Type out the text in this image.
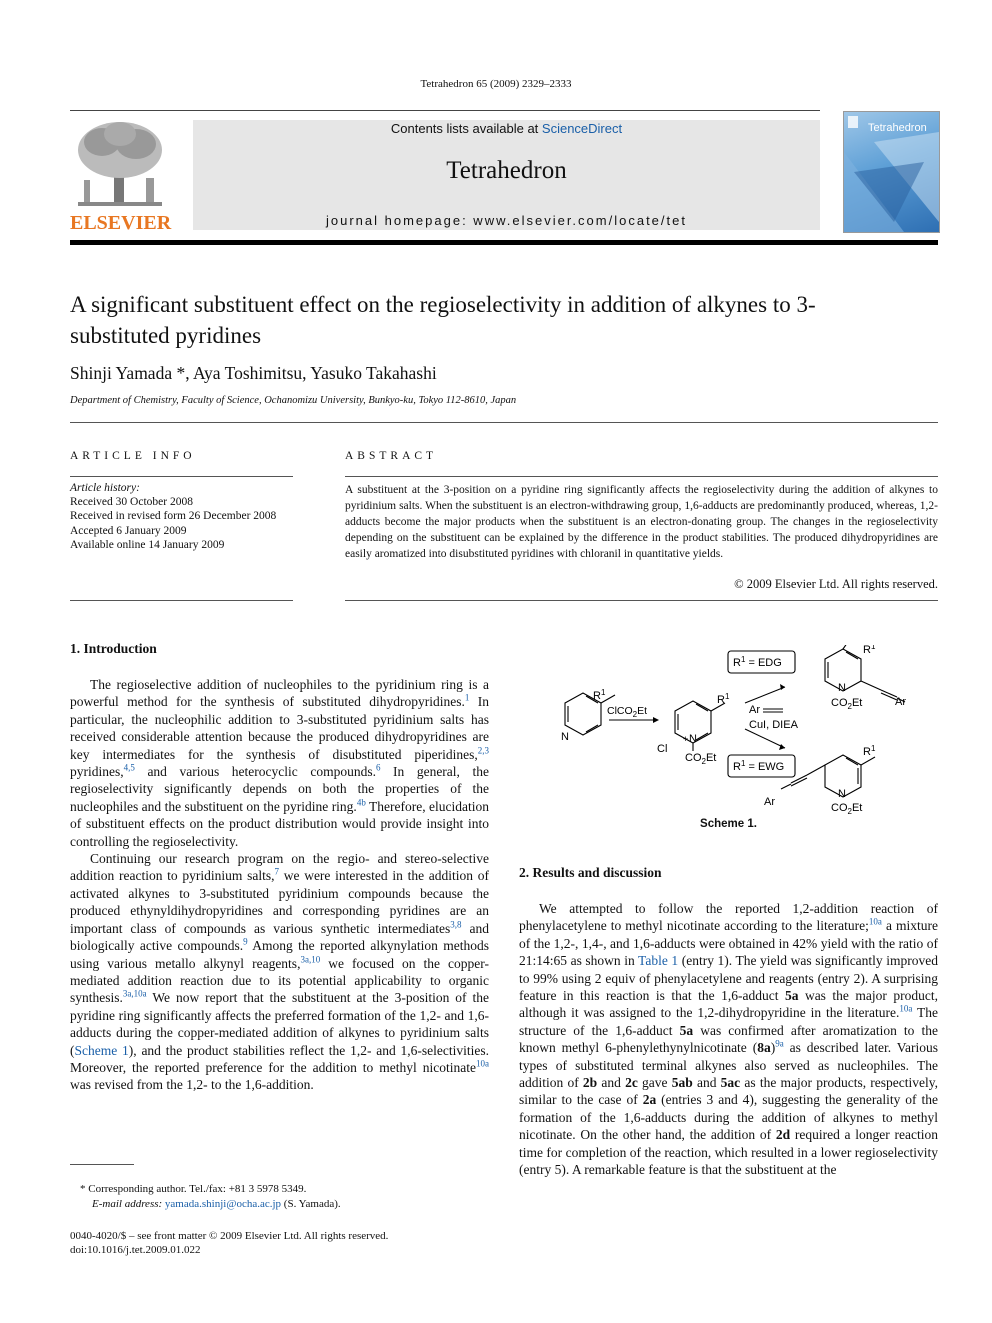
Tetrahedron 65 (2009) 2329–2333
ELSEVIER
Contents lists available at ScienceDirect
Tetrahedron
journal homepage: www.elsevier.com/locate/tet
Tetrahedron
A significant substituent effect on the regioselectivity in addition of alkynes to 3-substituted pyridines
Shinji Yamada *, Aya Toshimitsu, Yasuko Takahashi
Department of Chemistry, Faculty of Science, Ochanomizu University, Bunkyo-ku, Tokyo 112-8610, Japan
ARTICLE INFO
Article history:
Received 30 October 2008
Received in revised form 26 December 2008
Accepted 6 January 2009
Available online 14 January 2009
ABSTRACT
A substituent at the 3-position on a pyridine ring significantly affects the regioselectivity during the addition of alkynes to pyridinium salts. When the substituent is an electron-withdrawing group, 1,6-adducts are predominantly produced, whereas, 1,2-adducts become the major products when the substituent is an electron-donating group. The changes in the regioselectivity depending on the substituent can be explained by the difference in the product stabilities. The produced dihydropyridines are easily aromatized into disubstituted pyridines with chloranil in quantitative yields.
© 2009 Elsevier Ltd. All rights reserved.
1. Introduction

The regioselective addition of nucleophiles to the pyridinium ring is a powerful method for the synthesis of substituted dihydropyridines.$^1$ In particular, the nucleophilic addition to 3-substituted pyridinium salts has received considerable attention because the produced dihydropyridines are key intermediates for the synthesis of disubstituted piperidines,$^{2,3}$ pyridines,$^{4,5}$ and various heterocyclic compounds.$^6$ In general, the regioselectivity significantly depends on both the properties of the nucleophiles and the substituent on the pyridine ring.$^{4b}$ Therefore, elucidation of substituent effects on the product distribution would provide insight into controlling the regioselectivity.

Continuing our research program on the regio- and stereo-selective addition reaction to pyridinium salts,$^7$ we were interested in the addition of activated alkynes to 3-substituted pyridinium compounds because the produced ethynyldihydropyridines and corresponding pyridines are an important class of compounds as various synthetic intermediates$^{3,8}$ and biologically active compounds.$^9$ Among the reported alkynylation methods using various metallo alkynyl reagents,$^{3a,10}$ we focused on the copper-mediated addition reaction due to its potential applicability to organic synthesis.$^{3a,10a}$ We now report that the substituent at the 3-position of the pyridine ring significantly affects the preferred formation of the 1,2- and 1,6-adducts during the copper-mediated addition of alkynes to pyridinium salts (Scheme 1), and the product stabilities reflect the 1,2- and 1,6-selectivities. Moreover, the reported preference for the addition to methyl nicotinate$^{10a}$ was revised from the 1,2- to the 1,6-addition.

N
$R^1$
ClCO$_2$Et
+ N
Cl
$CO_2Et$
$R^1$
Ar
CuI, DIEA
$R^1$ = EDG
$R^1$ = EWG
$R^1$
N
$CO_2Et$	Ar
$R^1$
N
$CO_2Et$
Ar
Scheme 1.
2. Results and discussion

We attempted to follow the reported 1,2-addition reaction of phenylacetylene to methyl nicotinate according to the literature;$^{10a}$ a mixture of the 1,2-, 1,4-, and 1,6-adducts were obtained in 42% yield with the ratio of 21:14:65 as shown in Table 1 (entry 1). The yield was significantly improved to 99% using 2 equiv of phenylacetylene and reagents (entry 2). A surprising feature in this reaction is that the 1,6-adduct 5a was the major product, although it was assigned to the 1,2-dihydropyridine in the literature.$^{10a}$ The structure of the 1,6-adduct 5a was confirmed after aromatization to the known methyl 6-phenylethynylnicotinate $(8a)^{9a}$ as described later. Various types of substituted terminal alkynes also served as nucleophiles. The addition of 2b and 2c gave 5ab and 5ac as the major products, respectively, similar to the case of 2a (entries 3 and 4), suggesting the generality of the formation of the 1,6-adducts during the addition of alkynes to methyl nicotinate. On the other hand, the addition of 2d required a longer reaction time for completion of the reaction, which resulted in a lower regioselectivity (entry 5). A remarkable feature is that the substituent at the

* Corresponding author. Tel./fax: +81 3 5978 5349.
E-mail address: yamada.shinji@ocha.ac.jp (S. Yamada).
0040-4020/$ – see front matter © 2009 Elsevier Ltd. All rights reserved.
doi:10.1016/j.tet.2009.01.022
